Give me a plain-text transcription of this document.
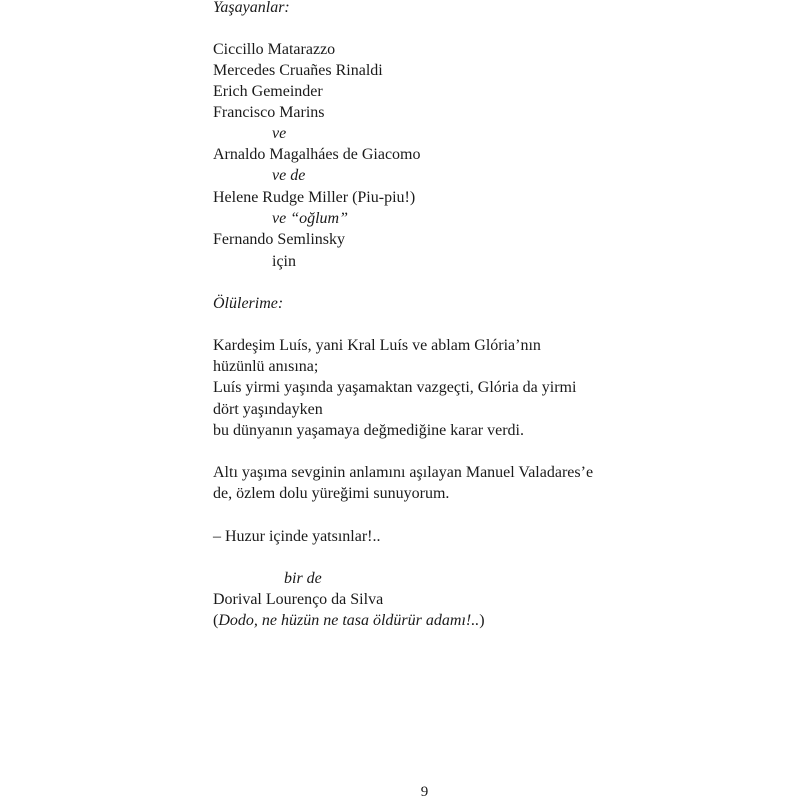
Yaşayanlar:
Ciccillo Matarazzo
Mercedes Cruañes Rinaldi
Erich Gemeinder
Francisco Marins
ve
Arnaldo Magalháes de Giacomo
ve de
Helene Rudge Miller (Piu-piu!)
ve “oğlum”
Fernando Semlinsky
için
Ölülerime:
Kardeşim Luís, yani Kral Luís ve ablam Glória’nın
hüzünlü anısına;
Luís yirmi yaşında yaşamaktan vazgeçti, Glória da yirmi
dört yaşındayken
bu dünyanın yaşamaya değmediğine karar verdi.
Altı yaşıma sevginin anlamını aşılayan Manuel Valadares’e
de, özlem dolu yüreğimi sunuyorum.
– Huzur içinde yatsınlar!..
bir de
Dorival Lourenço da Silva
(Dodo, ne hüzün ne tasa öldürür adamı!..)
9
